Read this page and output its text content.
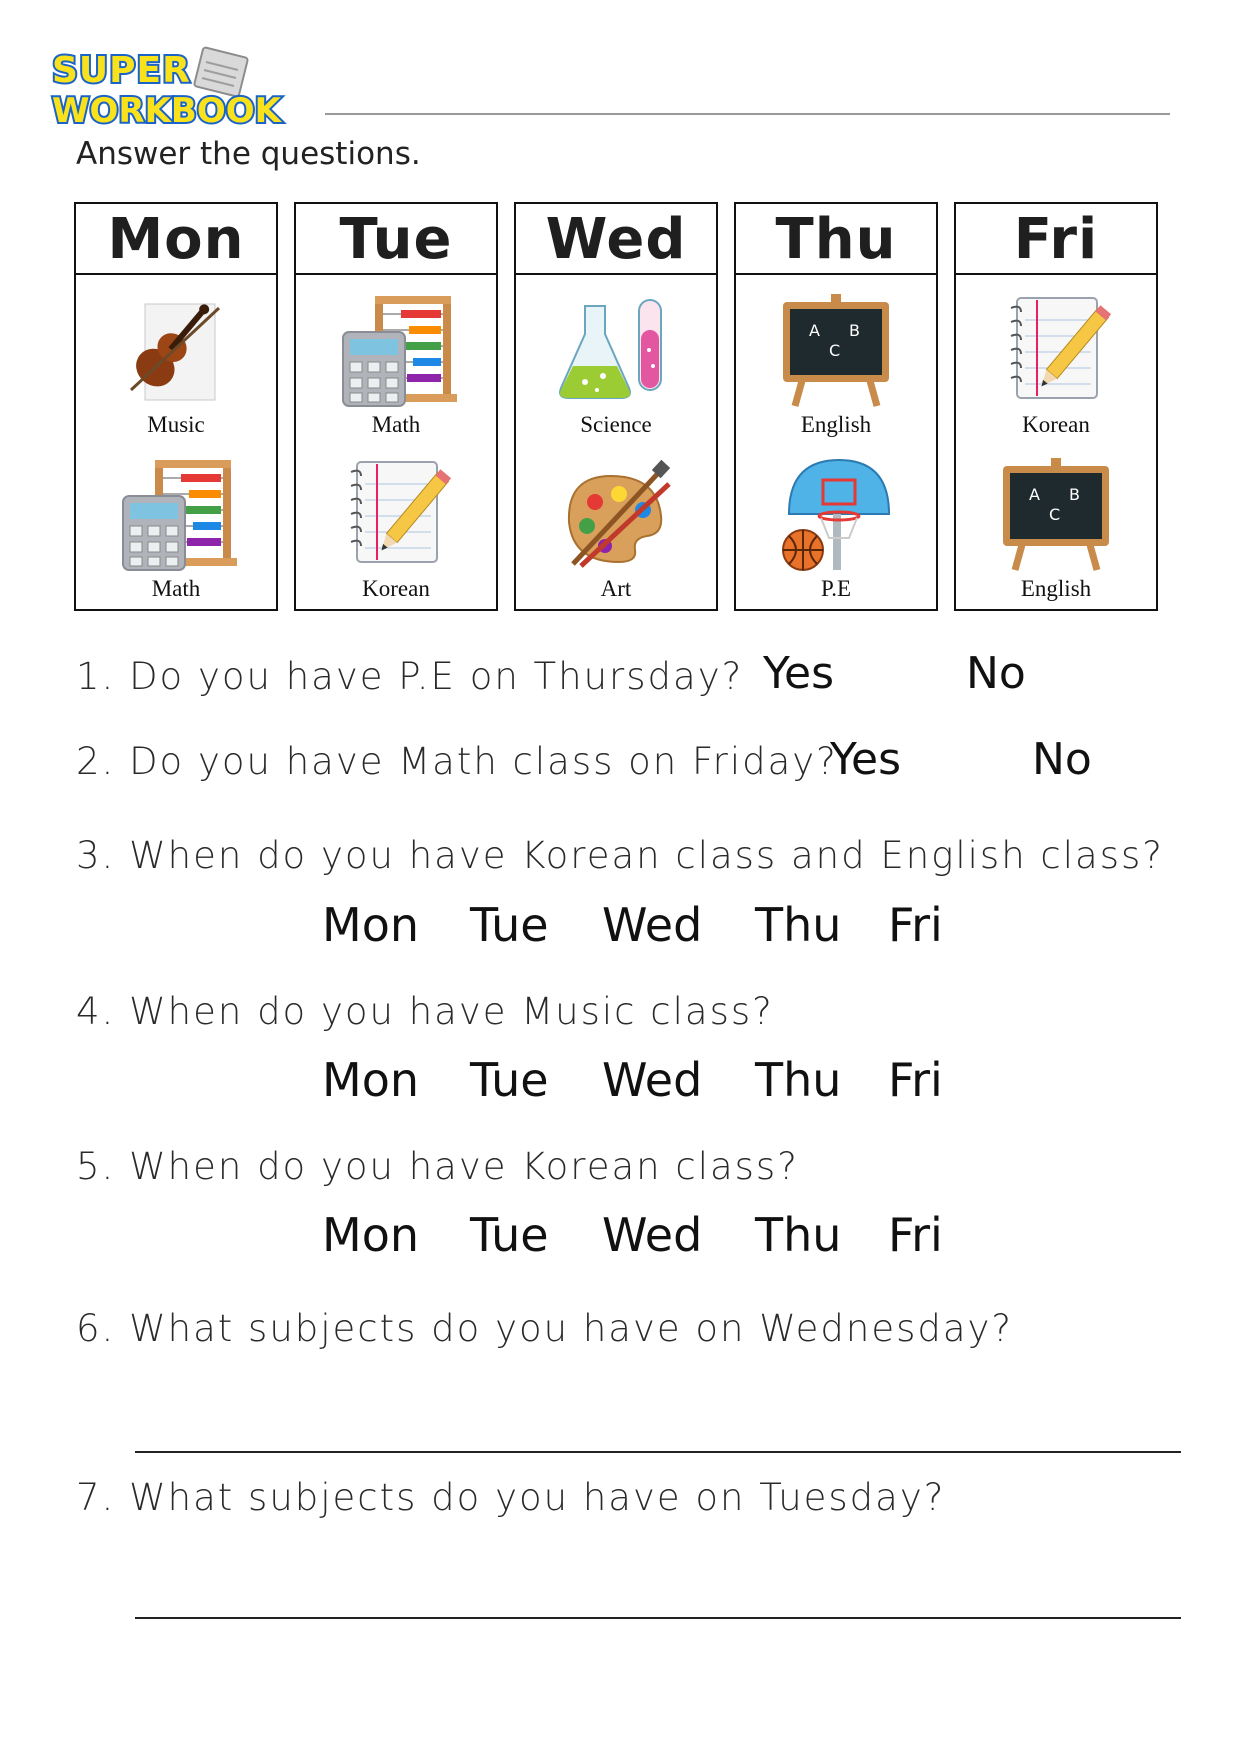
SUPER
WORKBOOK
Answer the questions.
Mon
Music
Math
Tue
Math
Korean
Wed
Science
Art
Thu
A B
C
English
P.E
Fri
Korean
A B
C
English
1. Do you have P.E on Thursday? Yes	No
2. Do you have Math class on Friday?
Yes	No
3. When do you have Korean class and English class?
Mon Tue Wed Thu Fri
4. When do you have Music class?
Mon Tue Wed Thu Fri
5. When do you have Korean class?
Mon Tue Wed Thu Fri
6. What subjects do you have on Wednesday?
7. What subjects do you have on Tuesday?
